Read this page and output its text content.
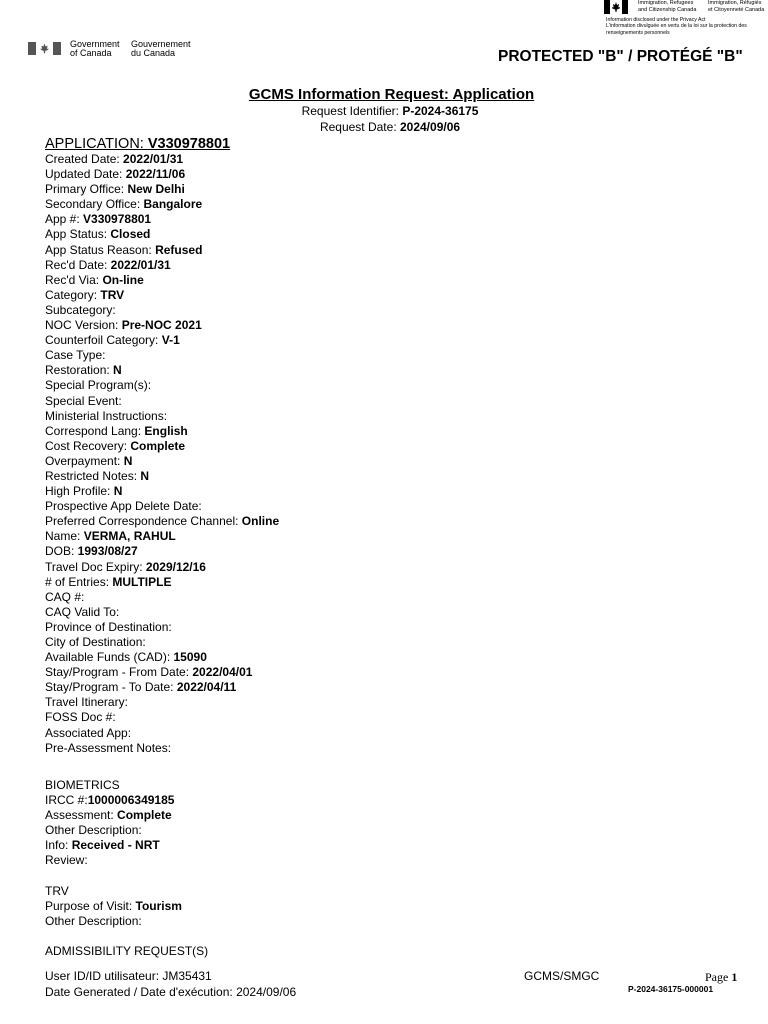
Immigration, Refugees
and Citizenship Canada
Immigration, Réfugiés
et Citoyenneté Canada
Information disclosed under the Privacy Act
L'information divulguée en vertu de la loi sur la protection des renseignements personnels
Government
of Canada
Gouvernement
du Canada	PROTECTED "B" / PROTÉGÉ "B"
GCMS Information Request: Application
Request Identifier: P-2024-36175
Request Date: 2024/09/06
APPLICATION: V330978801
Created Date: 2022/01/31
Updated Date: 2022/11/06
Primary Office: New Delhi
Secondary Office: Bangalore
App #: V330978801
App Status: Closed
App Status Reason: Refused
Rec'd Date: 2022/01/31
Rec'd Via: On-line
Category: TRV
Subcategory:
NOC Version: Pre-NOC 2021
Counterfoil Category: V-1
Case Type:
Restoration: N
Special Program(s):
Special Event:
Ministerial Instructions:
Correspond Lang: English
Cost Recovery: Complete
Overpayment: N
Restricted Notes: N
High Profile: N
Prospective App Delete Date:
Preferred Correspondence Channel: Online
Name: VERMA, RAHUL
DOB: 1993/08/27
Travel Doc Expiry: 2029/12/16
# of Entries: MULTIPLE
CAQ #:
CAQ Valid To:
Province of Destination:
City of Destination:
Available Funds (CAD): 15090
Stay/Program - From Date: 2022/04/01
Stay/Program - To Date: 2022/04/11
Travel Itinerary:
FOSS Doc #:
Associated App:
Pre-Assessment Notes:
BIOMETRICS
IRCC #:1000006349185
Assessment: Complete
Other Description:
Info: Received - NRT
Review:
TRV
Purpose of Visit: Tourism
Other Description:
ADMISSIBILITY REQUEST(S)
User ID/ID utilisateur: JM35431
Date Generated / Date d'exécution: 2024/09/06
GCMS/SMGC	Page 1
P-2024-36175-000001
